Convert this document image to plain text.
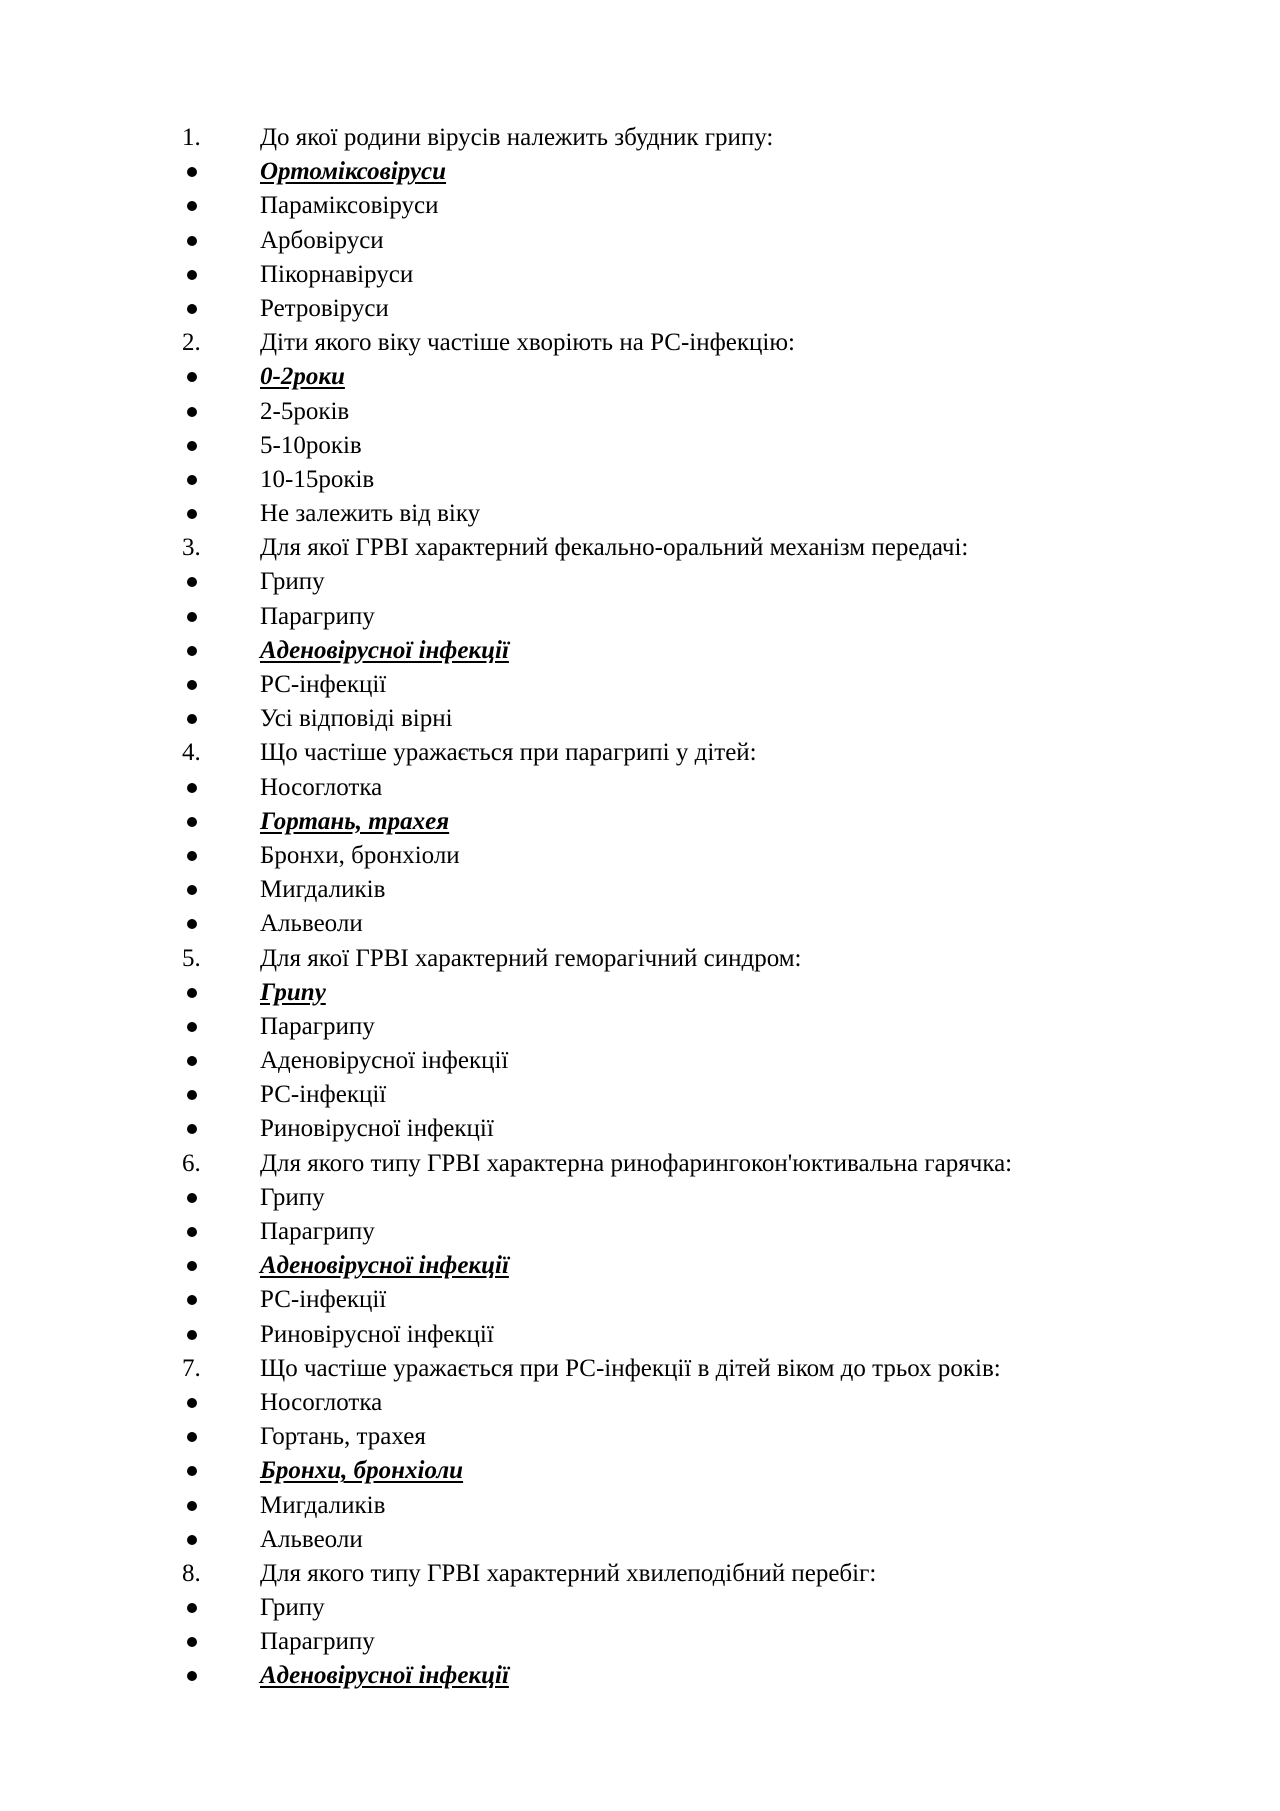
1.	До якої родини вірусів належить збудник грипу:
Ортоміксовіруси
Параміксовіруси
Арбовіруси
Пікорнавіруси
Ретровіруси
2.	Діти якого віку частіше хворіють на РС-інфекцію:
0-2роки
2-5років
5-10років
10-15років
Не залежить від віку
3.	Для якої ГРВІ характерний фекально-оральний механізм передачі:
Грипу
Парагрипу
Аденовірусної інфекції
РС-інфекції
Усі відповіді вірні
4.	Що частіше уражається при парагрипі у дітей:
Носоглотка
Гортань, трахея
Бронхи, бронхіоли
Мигдаликів
Альвеоли
5.	Для якої ГРВІ характерний геморагічний синдром:
Грипу
Парагрипу
Аденовірусної інфекції
РС-інфекції
Риновірусної інфекції
6.	Для якого типу ГРВІ характерна ринофарингокон'юктивальна гарячка:
Грипу
Парагрипу
Аденовірусної інфекції
РС-інфекції
Риновірусної інфекції
7.	Що частіше уражається при РС-інфекції в дітей віком до трьох років:
Носоглотка
Гортань, трахея
Бронхи, бронхіоли
Мигдаликів
Альвеоли
8.	Для якого типу ГРВІ характерний хвилеподібний перебіг:
Грипу
Парагрипу
Аденовірусної інфекції
